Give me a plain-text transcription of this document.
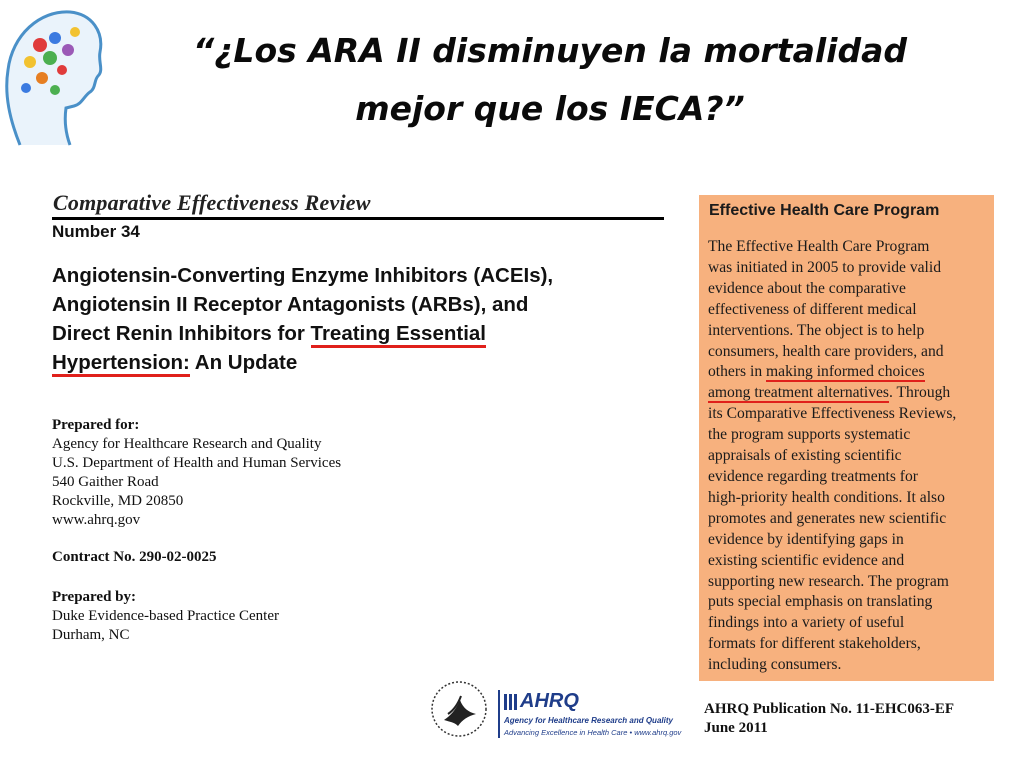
“¿Los ARA II disminuyen la mortalidad
mejor que los IECA?”
Comparative Effectiveness Review
Number 34
Angiotensin-Converting Enzyme Inhibitors (ACEIs),
Angiotensin II Receptor Antagonists (ARBs), and
Direct Renin Inhibitors for Treating Essential
Hypertension: An Update
Prepared for:
Agency for Healthcare Research and Quality
U.S. Department of Health and Human Services
540 Gaither Road
Rockville, MD 20850
www.ahrq.gov
Contract No. 290-02-0025
Prepared by:
Duke Evidence-based Practice Center
Durham, NC
Effective Health Care Program
The Effective Health Care Program
was initiated in 2005 to provide valid
evidence about the comparative
effectiveness of different medical
interventions. The object is to help
consumers, health care providers, and
others in making informed choices
among treatment alternatives. Through
its Comparative Effectiveness Reviews,
the program supports systematic
appraisals of existing scientific
evidence regarding treatments for
high-priority health conditions. It also
promotes and generates new scientific
evidence by identifying gaps in
existing scientific evidence and
supporting new research. The program
puts special emphasis on translating
findings into a variety of useful
formats for different stakeholders,
including consumers.
AHRQ Publication No. 11-EHC063-EF
June 2011
AHRQ
Agency for Healthcare Research and Quality
Advancing Excellence in Health Care • www.ahrq.gov
